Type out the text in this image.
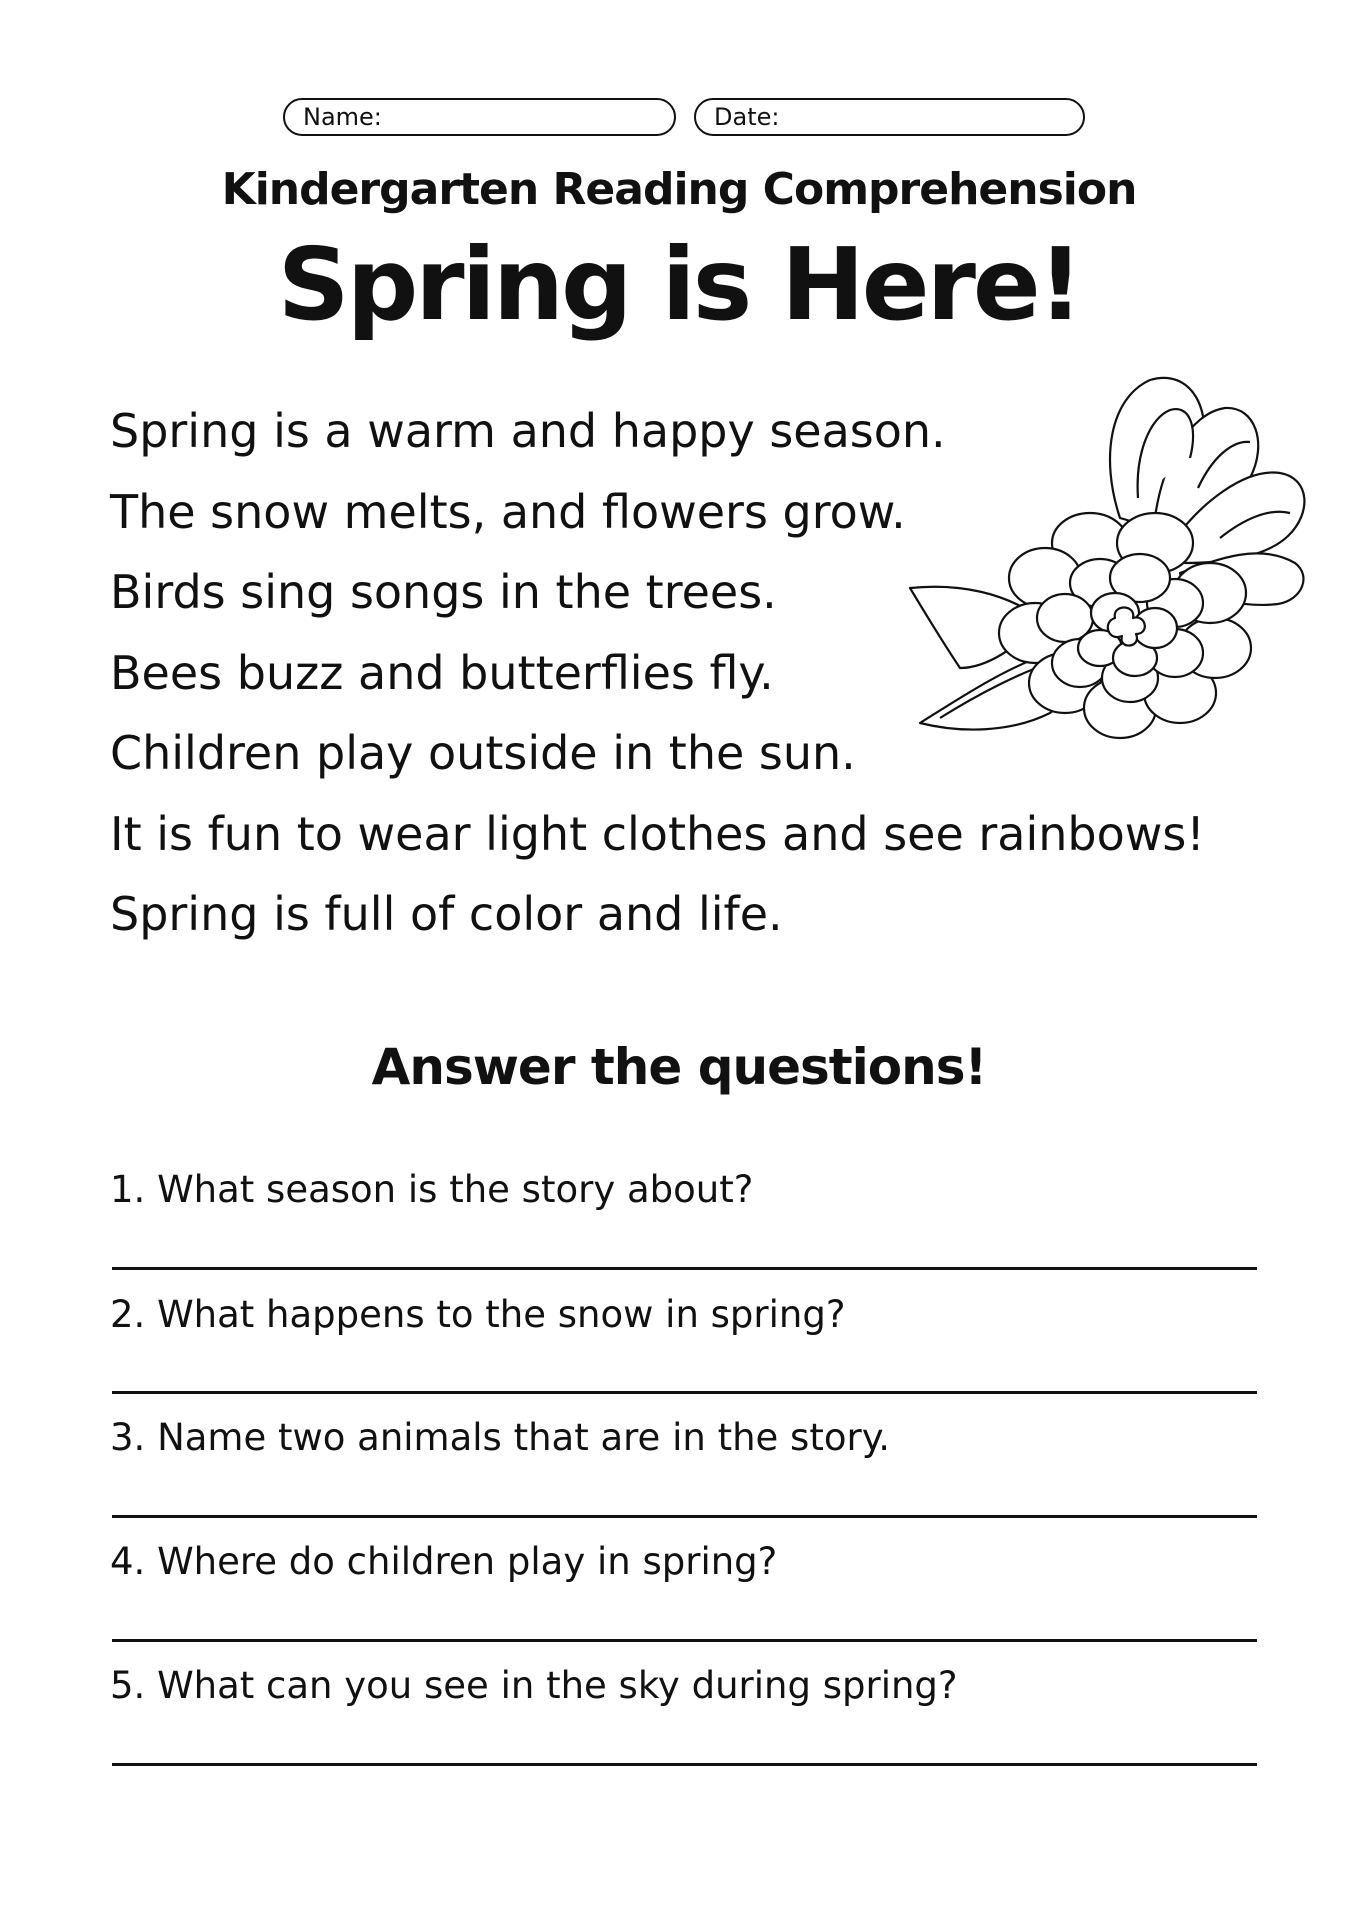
Name:	Date:
Kindergarten Reading Comprehension
Spring is Here!
Spring is a warm and happy season.
The snow melts, and flowers grow.
Birds sing songs in the trees.
Bees buzz and butterflies fly.
Children play outside in the sun.
It is fun to wear light clothes and see rainbows!
Spring is full of color and life.
Answer the questions!
1. What season is the story about?
2. What happens to the snow in spring?
3. Name two animals that are in the story.
4. Where do children play in spring?
5. What can you see in the sky during spring?
